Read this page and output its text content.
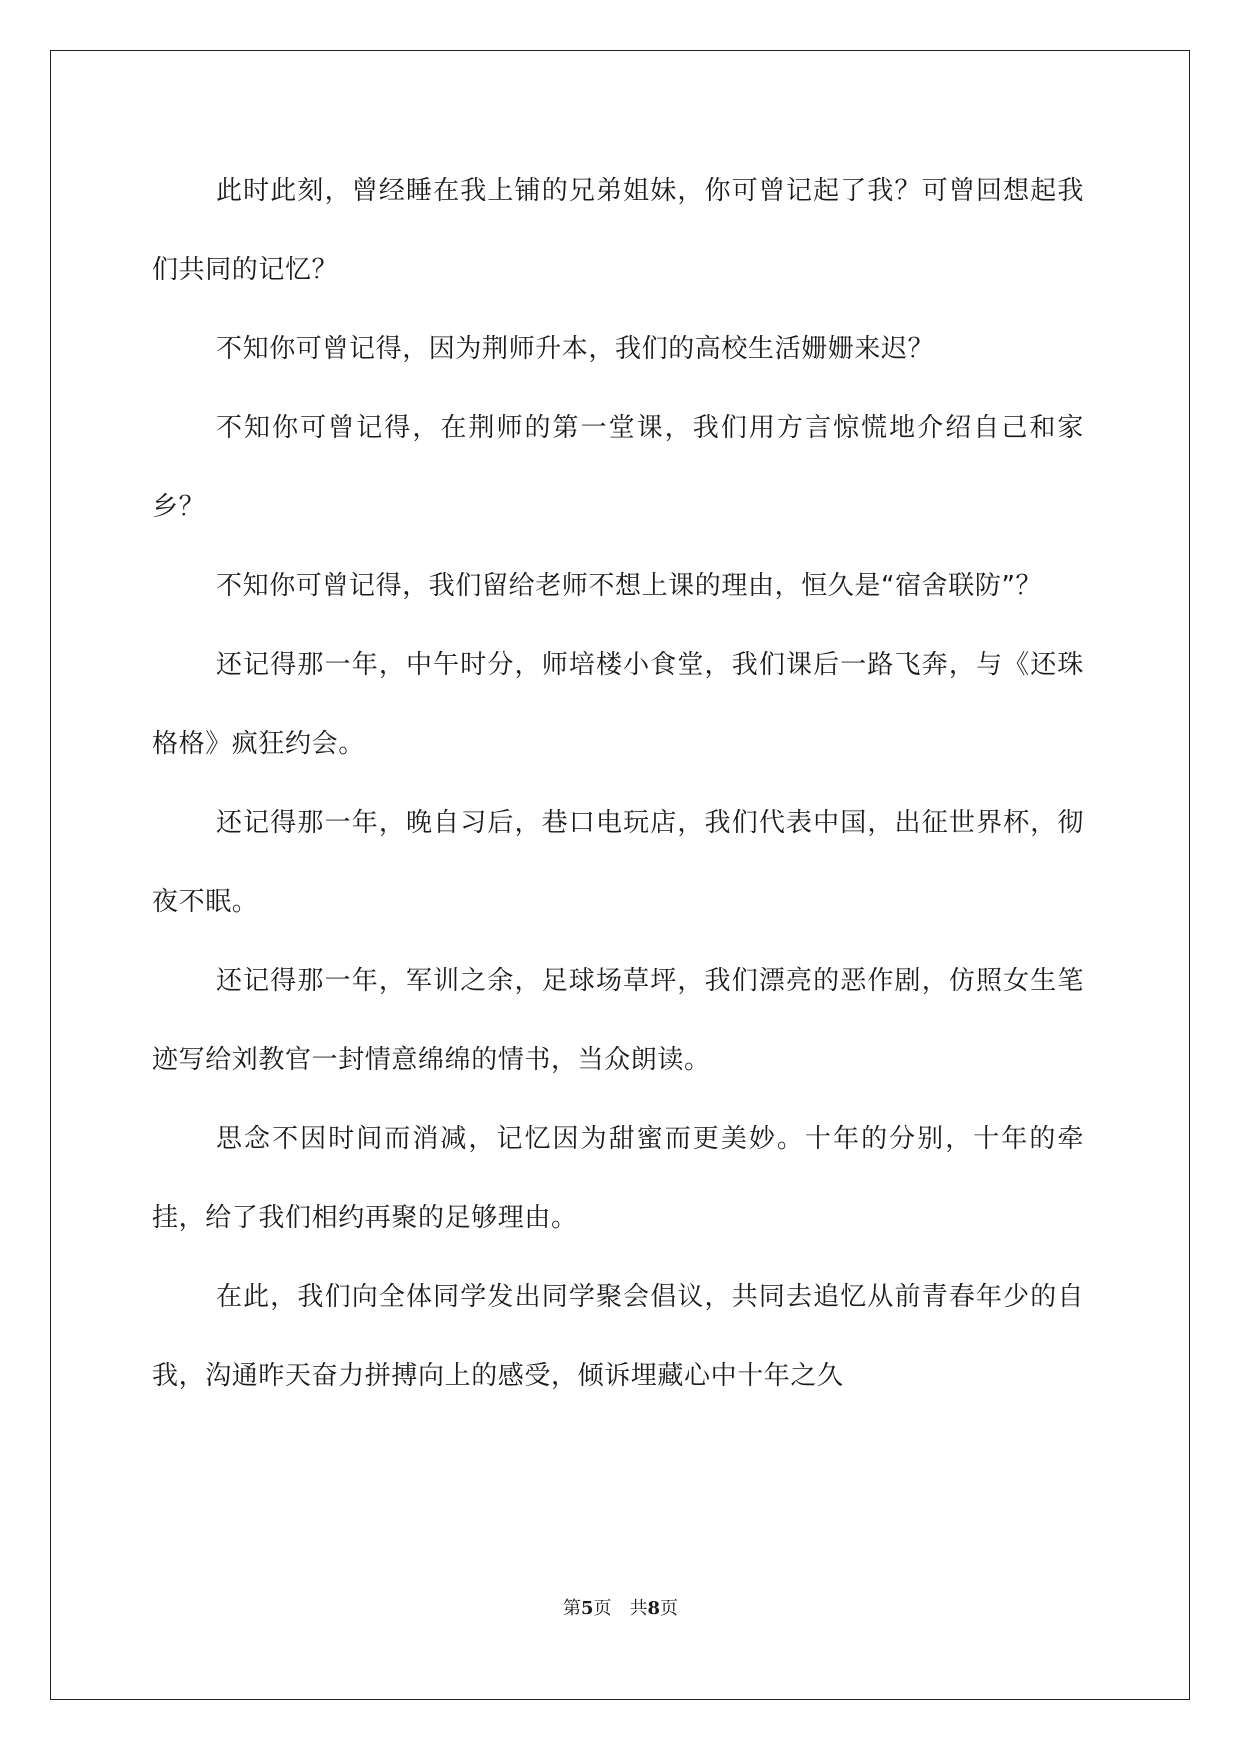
此时此刻，曾经睡在我上铺的兄弟姐妹，你可曾记起了我？可曾回想起我们共同的记忆？

不知你可曾记得，因为荆师升本，我们的高校生活姗姗来迟？

不知你可曾记得，在荆师的第一堂课，我们用方言惊慌地介绍自己和家乡？

不知你可曾记得，我们留给老师不想上课的理由，恒久是“宿舍联防”？

还记得那一年，中午时分，师培楼小食堂，我们课后一路飞奔，与《还珠格格》疯狂约会。

还记得那一年，晚自习后，巷口电玩店，我们代表中国，出征世界杯，彻夜不眠。

还记得那一年，军训之余，足球场草坪，我们漂亮的恶作剧，仿照女生笔迹写给刘教官一封情意绵绵的情书，当众朗读。

思念不因时间而消减，记忆因为甜蜜而更美妙。十年的分别，十年的牵挂，给了我们相约再聚的足够理由。

在此，我们向全体同学发出同学聚会倡议，共同去追忆从前青春年少的自我，沟通昨天奋力拼搏向上的感受，倾诉埋藏心中十年之久

第5页　共8页
